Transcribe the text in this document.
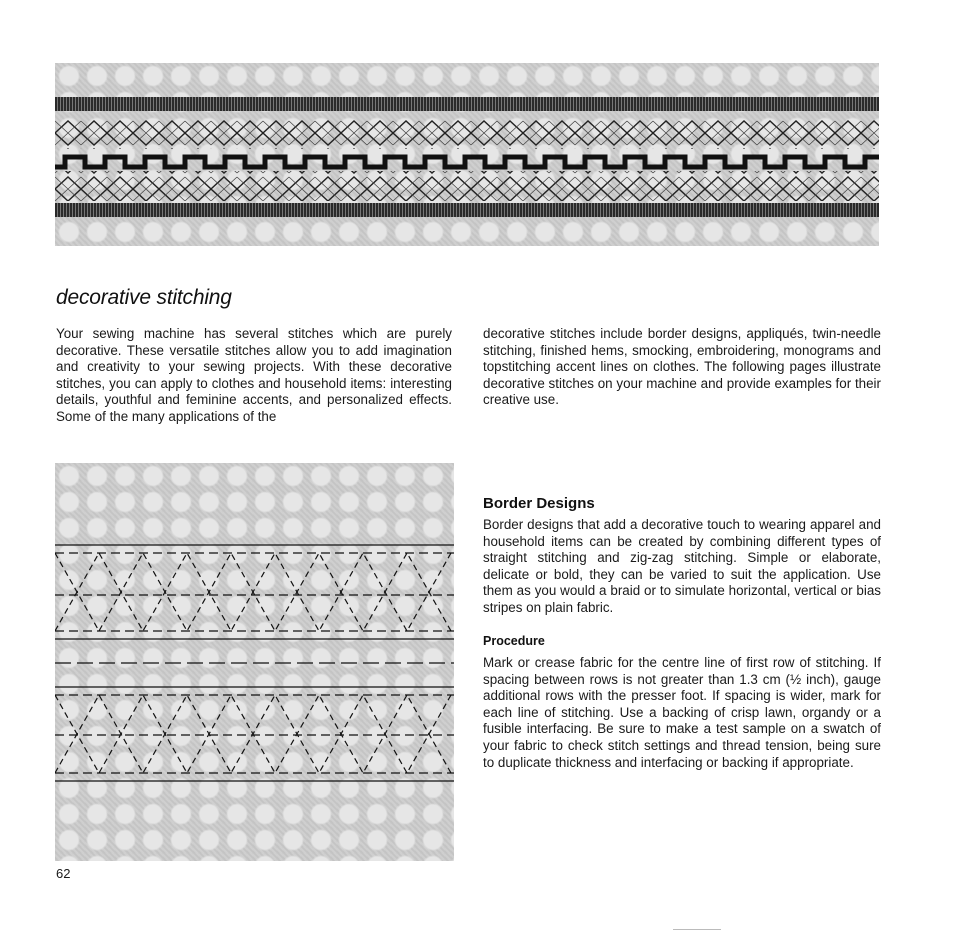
decorative stitching

Your sewing machine has several stitches which are purely decorative. These versatile stitches allow you to add imagination and creativity to your sewing projects. With these decorative stitches, you can apply to clothes and household items: interesting details, youthful and feminine accents, and personalized effects. Some of the many applications of the

decorative stitches include border designs, appliqués, twin-needle stitching, finished hems, smocking, embroidering, monograms and topstitching accent lines on clothes. The following pages illustrate decorative stitches on your machine and provide examples for their creative use.

Border Designs

Border designs that add a decorative touch to wearing apparel and household items can be created by combining different types of straight stitching and zig-zag stitching. Simple or elaborate, delicate or bold, they can be varied to suit the application. Use them as you would a braid or to simulate horizontal, vertical or bias stripes on plain fabric.

Procedure

Mark or crease fabric for the centre line of first row of stitching. If spacing between rows is not greater than 1.3 cm (½ inch), gauge additional rows with the presser foot. If spacing is wider, mark for each line of stitching. Use a backing of crisp lawn, organdy or a fusible interfacing. Be sure to make a test sample on a swatch of your fabric to check stitch settings and thread tension, being sure to duplicate thickness and interfacing or backing if appropriate.

62
